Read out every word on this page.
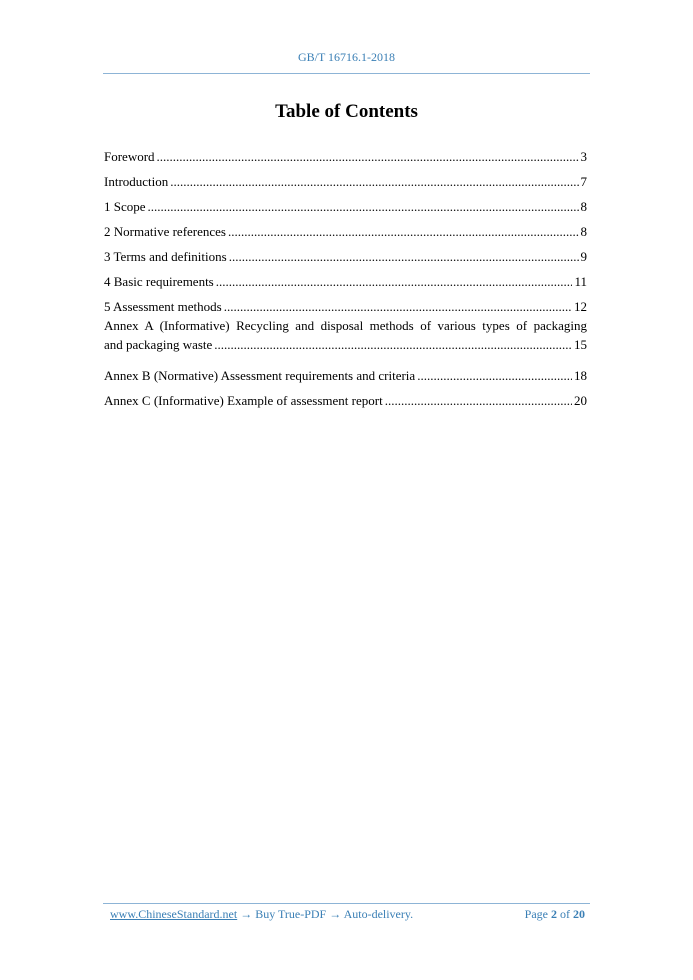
GB/T 16716.1-2018
Table of Contents
Foreword .....	3
Introduction .....	7
1 Scope .....	8
2 Normative references .....	8
3 Terms and definitions .....	9
4 Basic requirements .....	11
5 Assessment methods .....	12
Annex A (Informative) Recycling and disposal methods of various types of packaging
and packaging waste .....	15
Annex B (Normative) Assessment requirements and criteria .....	18
Annex C (Informative) Example of assessment report .....	20
www.ChineseStandard.net → Buy True-PDF → Auto-delivery.	Page 2 of 20
